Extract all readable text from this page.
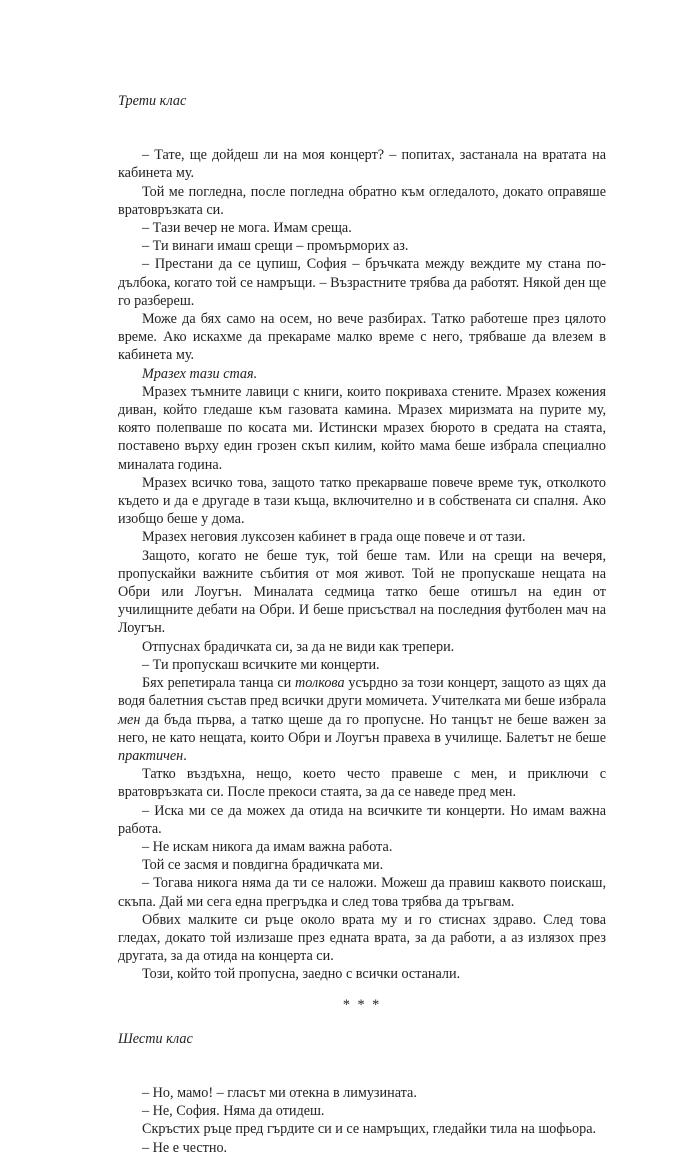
Трети клас

– Тате, ще дойдеш ли на моя концерт? – попитах, застанала на вратата на кабинета му.

Той ме погледна, после погледна обратно към огледалото, докато оправяше вратовръзката си.

– Тази вечер не мога. Имам среща.

– Ти винаги имаш срещи – промърморих аз.

– Престани да се цупиш, София – бръчката между веждите му стана по-дълбока, когато той се намръщи. – Възрастните трябва да работят. Някой ден ще го разбереш.

Може да бях само на осем, но вече разбирах. Татко работеше през цялото време. Ако искахме да прекараме малко време с него, трябваше да влезем в кабинета му.

Мразех тази стая.

Мразех тъмните лавици с книги, които покриваха стените. Мразех кожения диван, който гледаше към газовата камина. Мразех миризмата на пурите му, която полепваше по косата ми. Истински мразех бюрото в средата на стаята, поставено върху един грозен скъп килим, който мама беше избрала специално миналата година.

Мразех всичко това, защото татко прекарваше повече време тук, отколкото където и да е другаде в тази къща, включително и в собствената си спалня. Ако изобщо беше у дома.

Мразех неговия луксозен кабинет в града още повече и от тази.

Защото, когато не беше тук, той беше там. Или на срещи на вечеря, пропускайки важните събития от моя живот. Той не пропускаше нещата на Обри или Лоугън. Миналата седмица татко беше отишъл на един от училищните дебати на Обри. И беше присъствал на последния футболен мач на Лоугън.

Отпуснах брадичката си, за да не види как трепери.

– Ти пропускаш всичките ми концерти.

Бях репетирала танца си толкова усърдно за този концерт, защото аз щях да водя балетния състав пред всички други момичета. Учителката ми беше избрала мен да бъда първа, а татко щеше да го пропусне. Но танцът не беше важен за него, не като нещата, които Обри и Лоугън правеха в училище. Балетът не беше практичен.

Татко въздъхна, нещо, което често правеше с мен, и приключи с вратовръзката си. После прекоси стаята, за да се наведе пред мен.

– Иска ми се да можех да отида на всичките ти концерти. Но имам важна работа.

– Не искам никога да имам важна работа.

Той се засмя и повдигна брадичката ми.

– Тогава никога няма да ти се наложи. Можеш да правиш каквото поискаш, скъпа. Дай ми сега една прегръдка и след това трябва да тръгвам.

Обвих малките си ръце около врата му и го стиснах здраво. След това гледах, докато той излизаше през едната врата, за да работи, а аз излязох през другата, за да отида на концерта си.

Този, който той пропусна, заедно с всички останали.

* * *
Шести клас

– Но, мамо! – гласът ми отекна в лимузината.

– Не, София. Няма да отидеш.

Скръстих ръце пред гърдите си и се намръщих, гледайки тила на шофьора.

– Не е честно.
